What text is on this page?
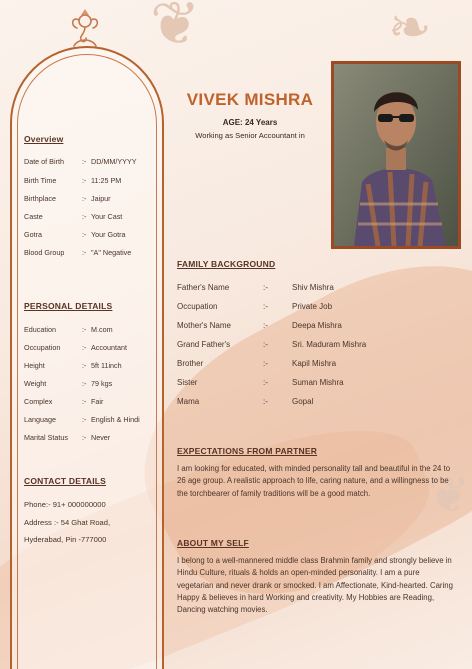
❦	❧
❦
Overview
Date of Birth	:- DD/MM/YYYY
Birth Time	:- 11:25 PM
Birthplace	:- Jaipur
Caste	:- Your Cast
Gotra	:- Your Gotra
Blood Group :- "A" Negative
PERSONAL DETAILS
Education	:- M.com
Occupation	:- Accountant
Height	:- 5ft 11inch
Weight	:- 79 kgs
Complex	:- Fair
Language	:- English & Hindi
Marital Status :- Never
CONTACT DETAILS
Phone:- 91+ 000000000
Address :- 54 Ghat Road,
Hyderabad, Pin -777000
VIVEK MISHRA
AGE: 24 Years
Working as Senior Accountant in
FAMILY BACKGROUND
Father's Name	:-	Shiv Mishra
Occupation	:-	Private Job
Mother's Name	:-	Deepa Mishra
Grand Father's	:-	Sri. Maduram Mishra
Brother	:-	Kapil Mishra
Sister	:-	Suman Mishra
Mama	:-	Gopal
EXPECTATIONS FROM PARTNER

I am looking for educated, with minded personality tall and beautiful in the 24 to 26 age group. A realistic approach to life, caring nature, and a willingness to be the torchbearer of family traditions will be a good match.

ABOUT MY SELF

I belong to a well-mannered middle class Brahmin family and strongly believe in Hindu Culture, rituals & holds an open-minded personality. I am a pure vegetarian and never drank or smocked. I am Affectionate, Kind-hearted. Caring Happy & believes in hard Working and creativity. My Hobbies are Reading, Dancing watching movies.
